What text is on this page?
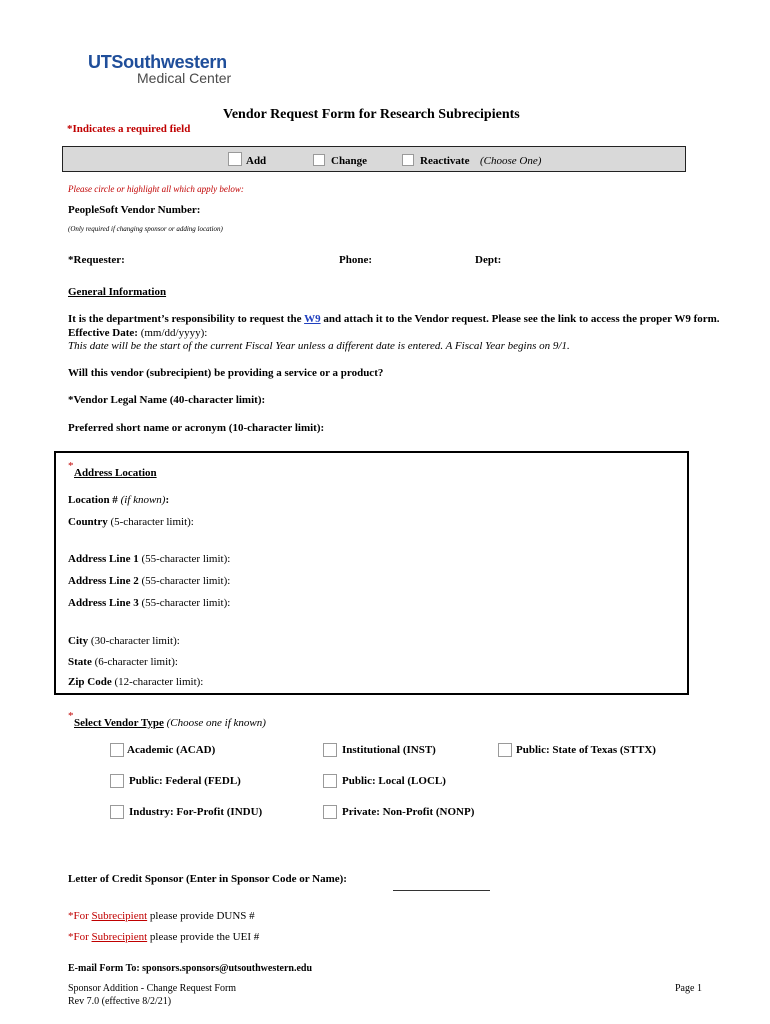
UTSouthwestern
Medical Center
Vendor Request Form for Research Subrecipients
*Indicates a required field
Add	Change	Reactivate (Choose One)
Please circle or highlight all which apply below:
PeopleSoft Vendor Number:
(Only required if changing sponsor or adding location)
*Requester:	Phone:	Dept:
General Information
It is the department’s responsibility to request the W9 and attach it to the Vendor request. Please see the link to access the proper W9 form.
Effective Date: (mm/dd/yyyy):
This date will be the start of the current Fiscal Year unless a different date is entered. A Fiscal Year begins on 9/1.
Will this vendor (subrecipient) be providing a service or a product?
*Vendor Legal Name (40-character limit):
Preferred short name or acronym (10-character limit):
*
Address Location
Location # (if known):
Country (5-character limit):
Address Line 1 (55-character limit):
Address Line 2 (55-character limit):
Address Line 3 (55-character limit):
City (30-character limit):
State (6-character limit):
Zip Code (12-character limit):
*
Select Vendor Type (Choose one if known)
Academic (ACAD)	Institutional (INST)	Public: State of Texas (STTX)
Public: Federal (FEDL)	Public: Local (LOCL)
Industry: For-Profit (INDU)	Private: Non-Profit (NONP)
Letter of Credit Sponsor (Enter in Sponsor Code or Name):
*For Subrecipient please provide DUNS #
*For Subrecipient please provide the UEI #
E-mail Form To: sponsors.sponsors@utsouthwestern.edu
Sponsor Addition - Change Request Form
Rev 7.0 (effective 8/2/21)
Page 1
